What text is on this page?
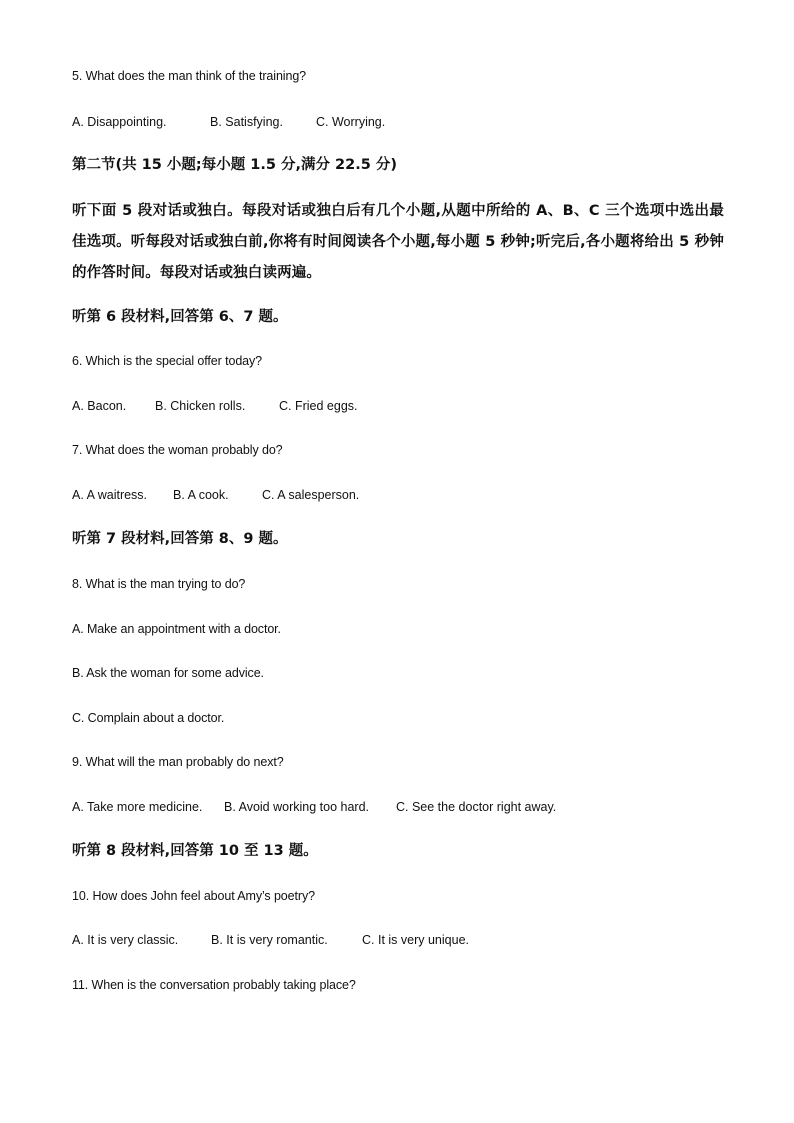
5. What does the man think of the training?
A. Disappointing.	B. Satisfying.	C. Worrying.
第二节(共 15 小题;每小题 1.5 分,满分 22.5 分)
听下面 5 段对话或独白。每段对话或独白后有几个小题,从题中所给的 A、B、C 三个选项中选出最佳选项。听每段对话或独白前,你将有时间阅读各个小题,每小题 5 秒钟;听完后,各小题将给出 5 秒钟的作答时间。每段对话或独白读两遍。
听第 6 段材料,回答第 6、7 题。
6. Which is the special offer today?
A. Bacon. B. Chicken rolls.	C. Fried eggs.
7. What does the woman probably do?
A. A waitress. B. A cook.	C. A salesperson.
听第 7 段材料,回答第 8、9 题。
8. What is the man trying to do?
A. Make an appointment with a doctor.
B. Ask the woman for some advice.
C. Complain about a doctor.
9. What will the man probably do next?
A. Take more medicine. B. Avoid working too hard. C. See the doctor right away.
听第 8 段材料,回答第 10 至 13 题。
10. How does John feel about Amy’s poetry?
A. It is very classic.	B. It is very romantic.	C. It is very unique.
11. When is the conversation probably taking place?
